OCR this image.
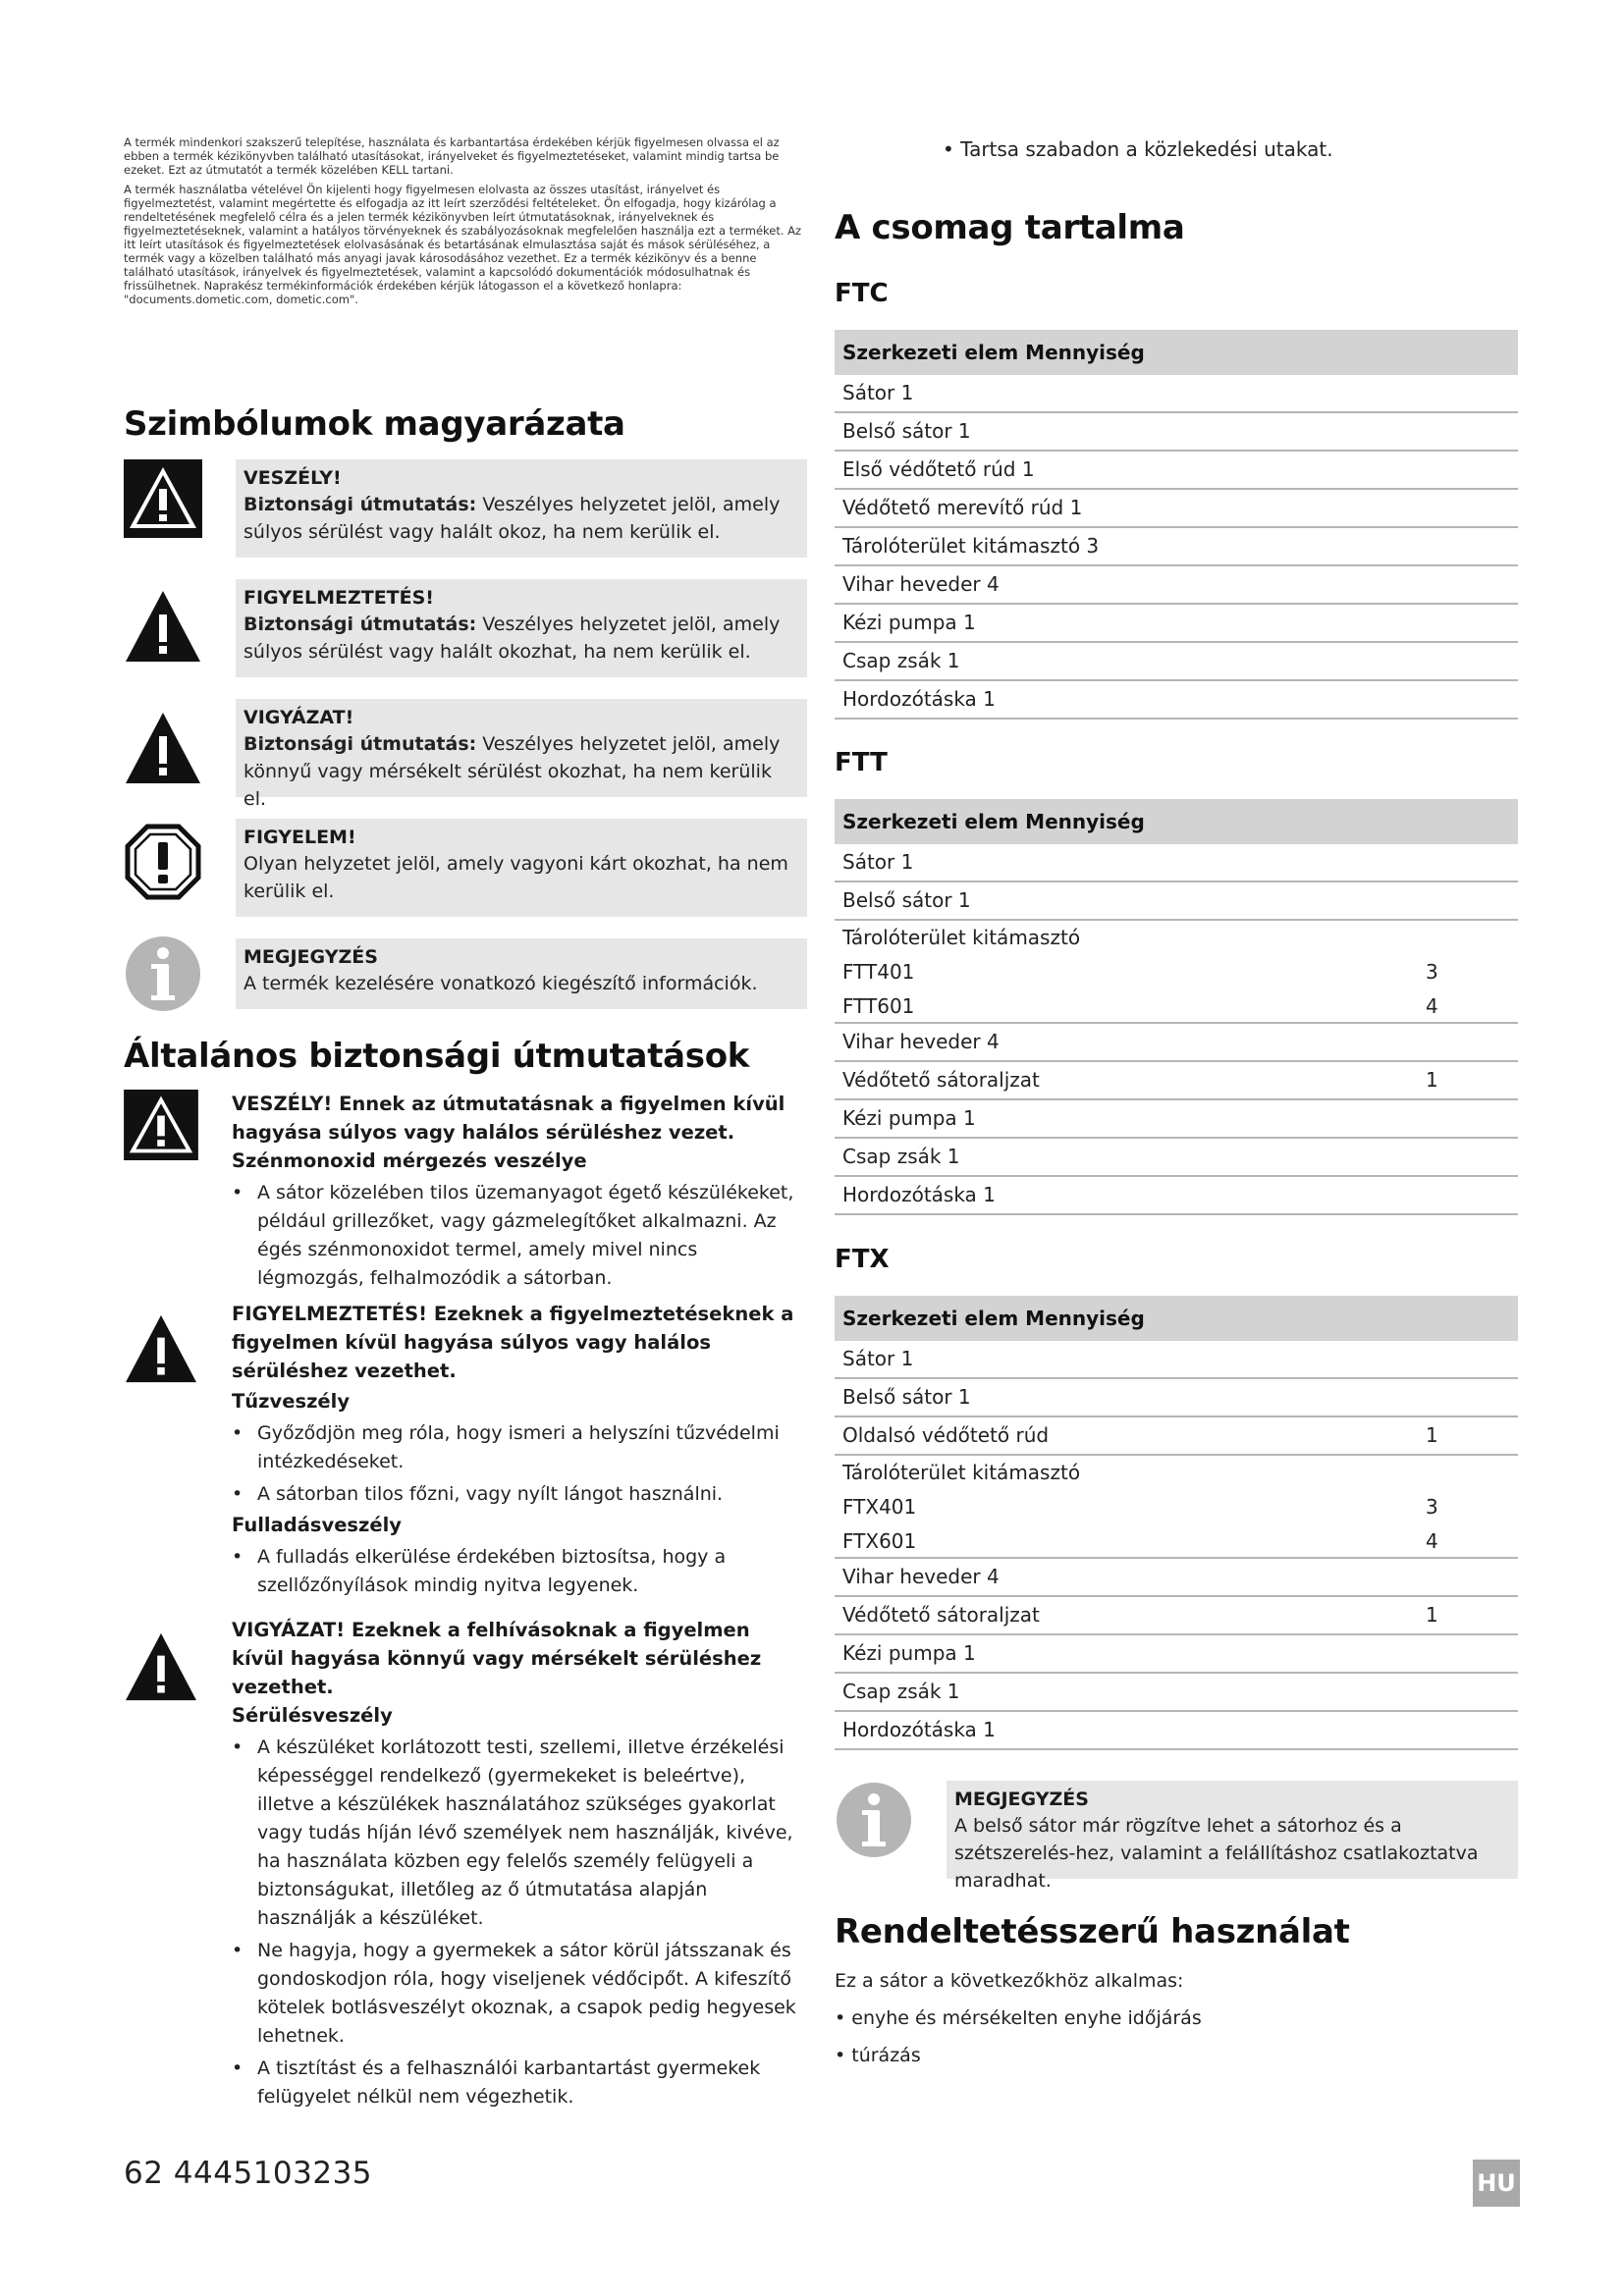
A termék mindenkori szakszerű telepítése, használata és karbantartása érdekében kérjük figyelmesen olvassa el az ebben a termék kézikönyvben található utasításokat, irányelveket és figyelmeztetéseket, valamint mindig tartsa be ezeket. Ezt az útmutatót a termék közelében KELL tartani.

A termék használatba vételével Ön kijelenti hogy figyelmesen elolvasta az összes utasítást, irányelvet és figyelmeztetést, valamint megértette és elfogadja az itt leírt szerződési feltételeket. Ön elfogadja, hogy kizárólag a rendeltetésének megfelelő célra és a jelen termék kézikönyvben leírt útmutatásoknak, irányelveknek és figyelmeztetéseknek, valamint a hatályos törvényeknek és szabályozásoknak megfelelően használja ezt a terméket. Az itt leírt utasítások és figyelmeztetések elolvasásának és betartásának elmulasztása saját és mások sérüléséhez, a termék vagy a közelben található más anyagi javak károsodásához vezethet. Ez a termék kézikönyv és a benne található utasítások, irányelvek és figyelmeztetések, valamint a kapcsolódó dokumentációk módosulhatnak és frissülhetnek. Naprakész termékinformációk érdekében kérjük látogasson el a következő honlapra: "documents.dometic.com, dometic.com".

Szimbólumok magyarázata
VESZÉLY!
Biztonsági útmutatás: Veszélyes helyzetet jelöl, amely súlyos sérülést vagy halált okoz, ha nem kerülik el.
FIGYELMEZTETÉS!
Biztonsági útmutatás: Veszélyes helyzetet jelöl, amely súlyos sérülést vagy halált okozhat, ha nem kerülik el.
VIGYÁZAT!
Biztonsági útmutatás: Veszélyes helyzetet jelöl, amely könnyű vagy mérsékelt sérülést okozhat, ha nem kerülik el.
FIGYELEM!
Olyan helyzetet jelöl, amely vagyoni kárt okozhat, ha nem kerülik el.
MEGJEGYZÉS
A termék kezelésére vonatkozó kiegészítő információk.
Általános biztonsági útmutatások
VESZÉLY! Ennek az útmutatásnak a figyelmen kívül hagyása súlyos vagy halálos sérüléshez vezet.
Szénmonoxid mérgezés veszélye
• A sátor közelében tilos üzemanyagot égető készülékeket, például grillezőket, vagy gázmelegítőket alkalmazni. Az égés szénmonoxidot termel, amely mivel nincs légmozgás, felhalmozódik a sátorban.
FIGYELMEZTETÉS! Ezeknek a figyelmeztetéseknek a figyelmen kívül hagyása súlyos vagy halálos sérüléshez vezethet.
Tűzveszély
• Győződjön meg róla, hogy ismeri a helyszíni tűzvédelmi intézkedéseket.
• A sátorban tilos főzni, vagy nyílt lángot használni.
Fulladásveszély
• A fulladás elkerülése érdekében biztosítsa, hogy a szellőzőnyílások mindig nyitva legyenek.
VIGYÁZAT! Ezeknek a felhívásoknak a figyelmen kívül hagyása könnyű vagy mérsékelt sérüléshez vezethet.
Sérülésveszély
• A készüléket korlátozott testi, szellemi, illetve érzékelési képességgel rendelkező (gyermekeket is beleértve), illetve a készülékek használatához szükséges gyakorlat vagy tudás híján lévő személyek nem használják, kivéve, ha használata közben egy felelős személy felügyeli a biztonságukat, illetőleg az ő útmutatása alapján használják a készüléket.
• Ne hagyja, hogy a gyermekek a sátor körül játsszanak és gondoskodjon róla, hogy viseljenek védőcipőt. A kifeszítő kötelek botlásveszélyt okoznak, a csapok pedig hegyesek lehetnek.
• A tisztítást és a felhasználói karbantartást gyermekek felügyelet nélkül nem végezhetik.
• Tartsa szabadon a közlekedési utakat.
A csomag tartalma
FTC
Szerkezeti elem Mennyiség
Sátor 1
Belső sátor 1
Első védőtető rúd 1
Védőtető merevítő rúd 1
Tárolóterület kitámasztó 3
Vihar heveder 4
Kézi pumpa 1
Csap zsák 1
Hordozótáska 1
FTT
Szerkezeti elem Mennyiség
Sátor 1
Belső sátor 1
Tárolóterület kitámasztó
FTT401	3
FTT601	4
Vihar heveder 4
Védőtető sátoraljzat	1
Kézi pumpa 1
Csap zsák 1
Hordozótáska 1
FTX
Szerkezeti elem Mennyiség
Sátor 1
Belső sátor 1
Oldalsó védőtető rúd	1
Tárolóterület kitámasztó
FTX401	3
FTX601	4
Vihar heveder 4
Védőtető sátoraljzat	1
Kézi pumpa 1
Csap zsák 1
Hordozótáska 1
MEGJEGYZÉS
A belső sátor már rögzítve lehet a sátorhoz és a szétszerelés-hez, valamint a felállításhoz csatlakoztatva maradhat.
Rendeltetésszerű használat
Ez a sátor a következőkhöz alkalmas:
• enyhe és mérsékelten enyhe időjárás
• túrázás
62 4445103235	HU
